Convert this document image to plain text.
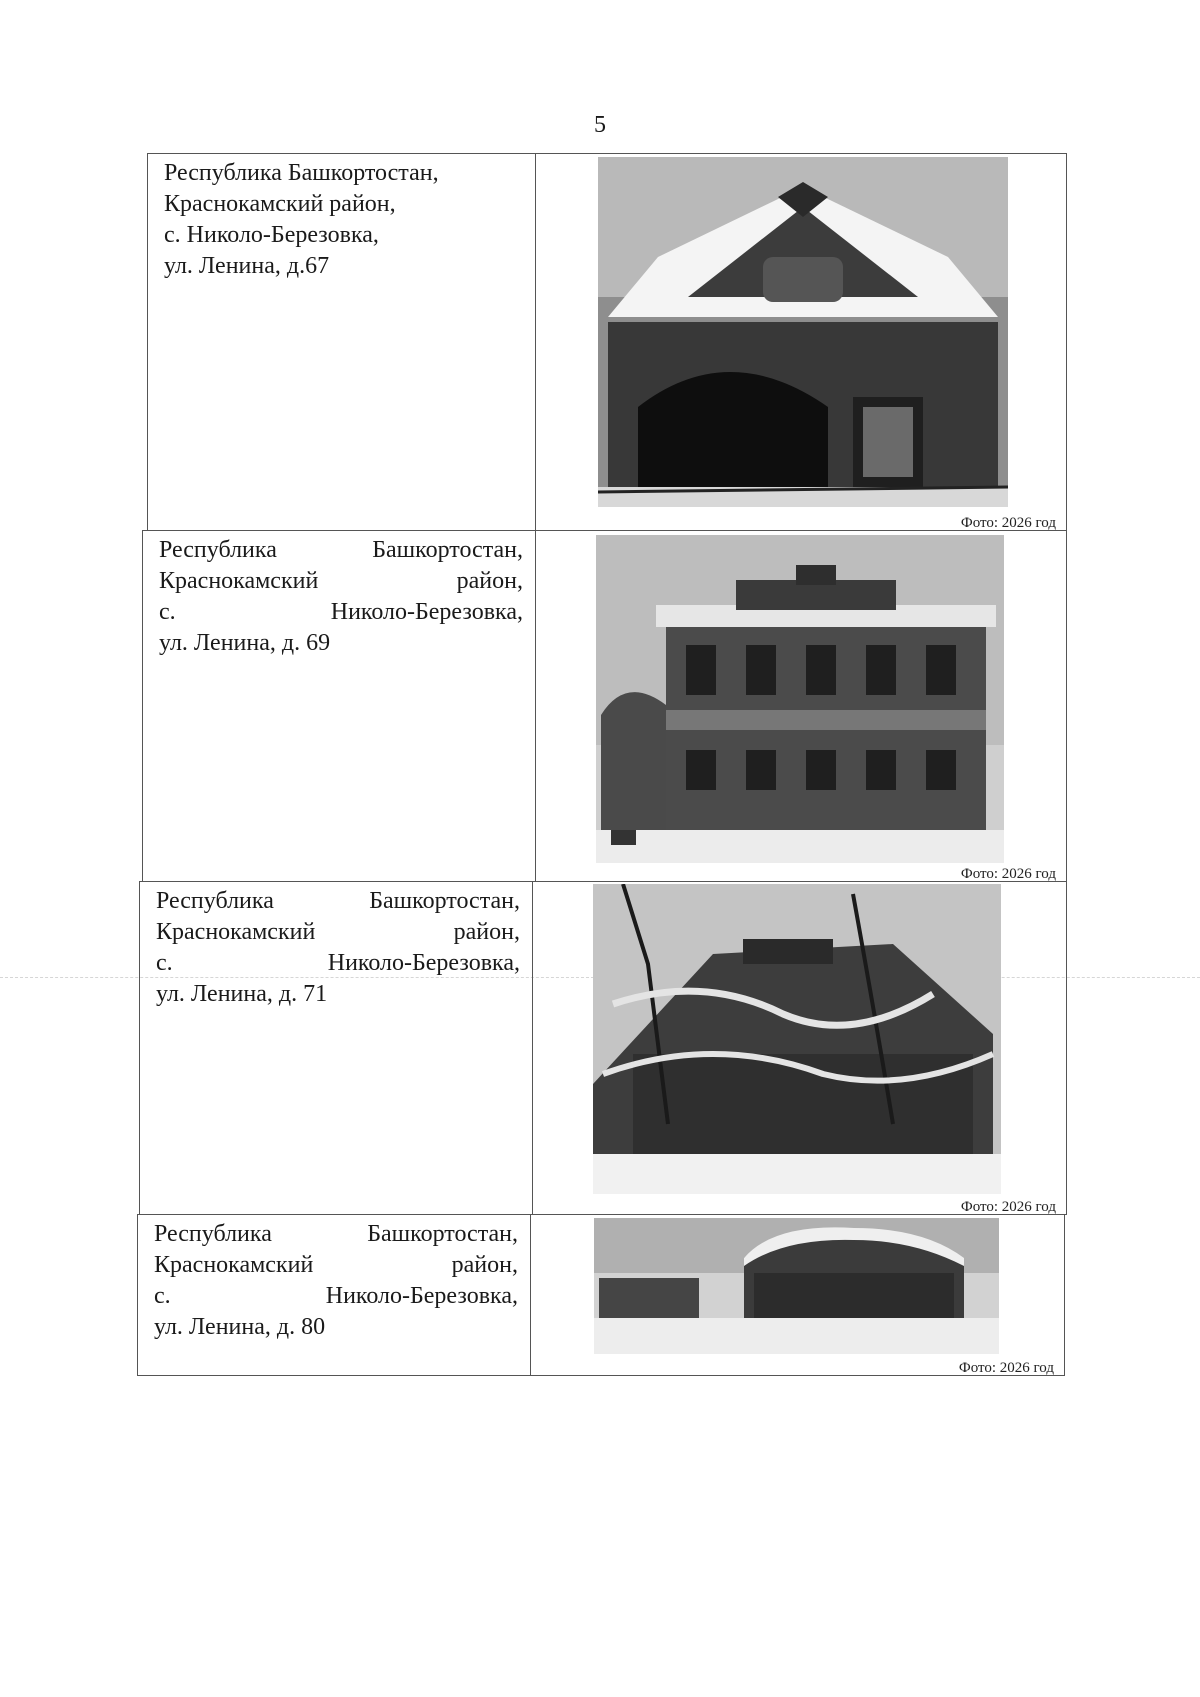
5
Республика Башкортостан,
Краснокамский район,
с. Николо-Березовка,
ул. Ленина, д.67
Фото: 2026 год
Республика Башкортостан,
Краснокамский район,
с. Николо-Березовка,
ул. Ленина, д. 69
Фото: 2026 год
Республика Башкортостан,
Краснокамский район,
с. Николо-Березовка,
ул. Ленина, д. 71
Фото: 2026 год
Республика Башкортостан,
Краснокамский район,
с. Николо-Березовка,
ул. Ленина, д. 80
Фото: 2026 год
